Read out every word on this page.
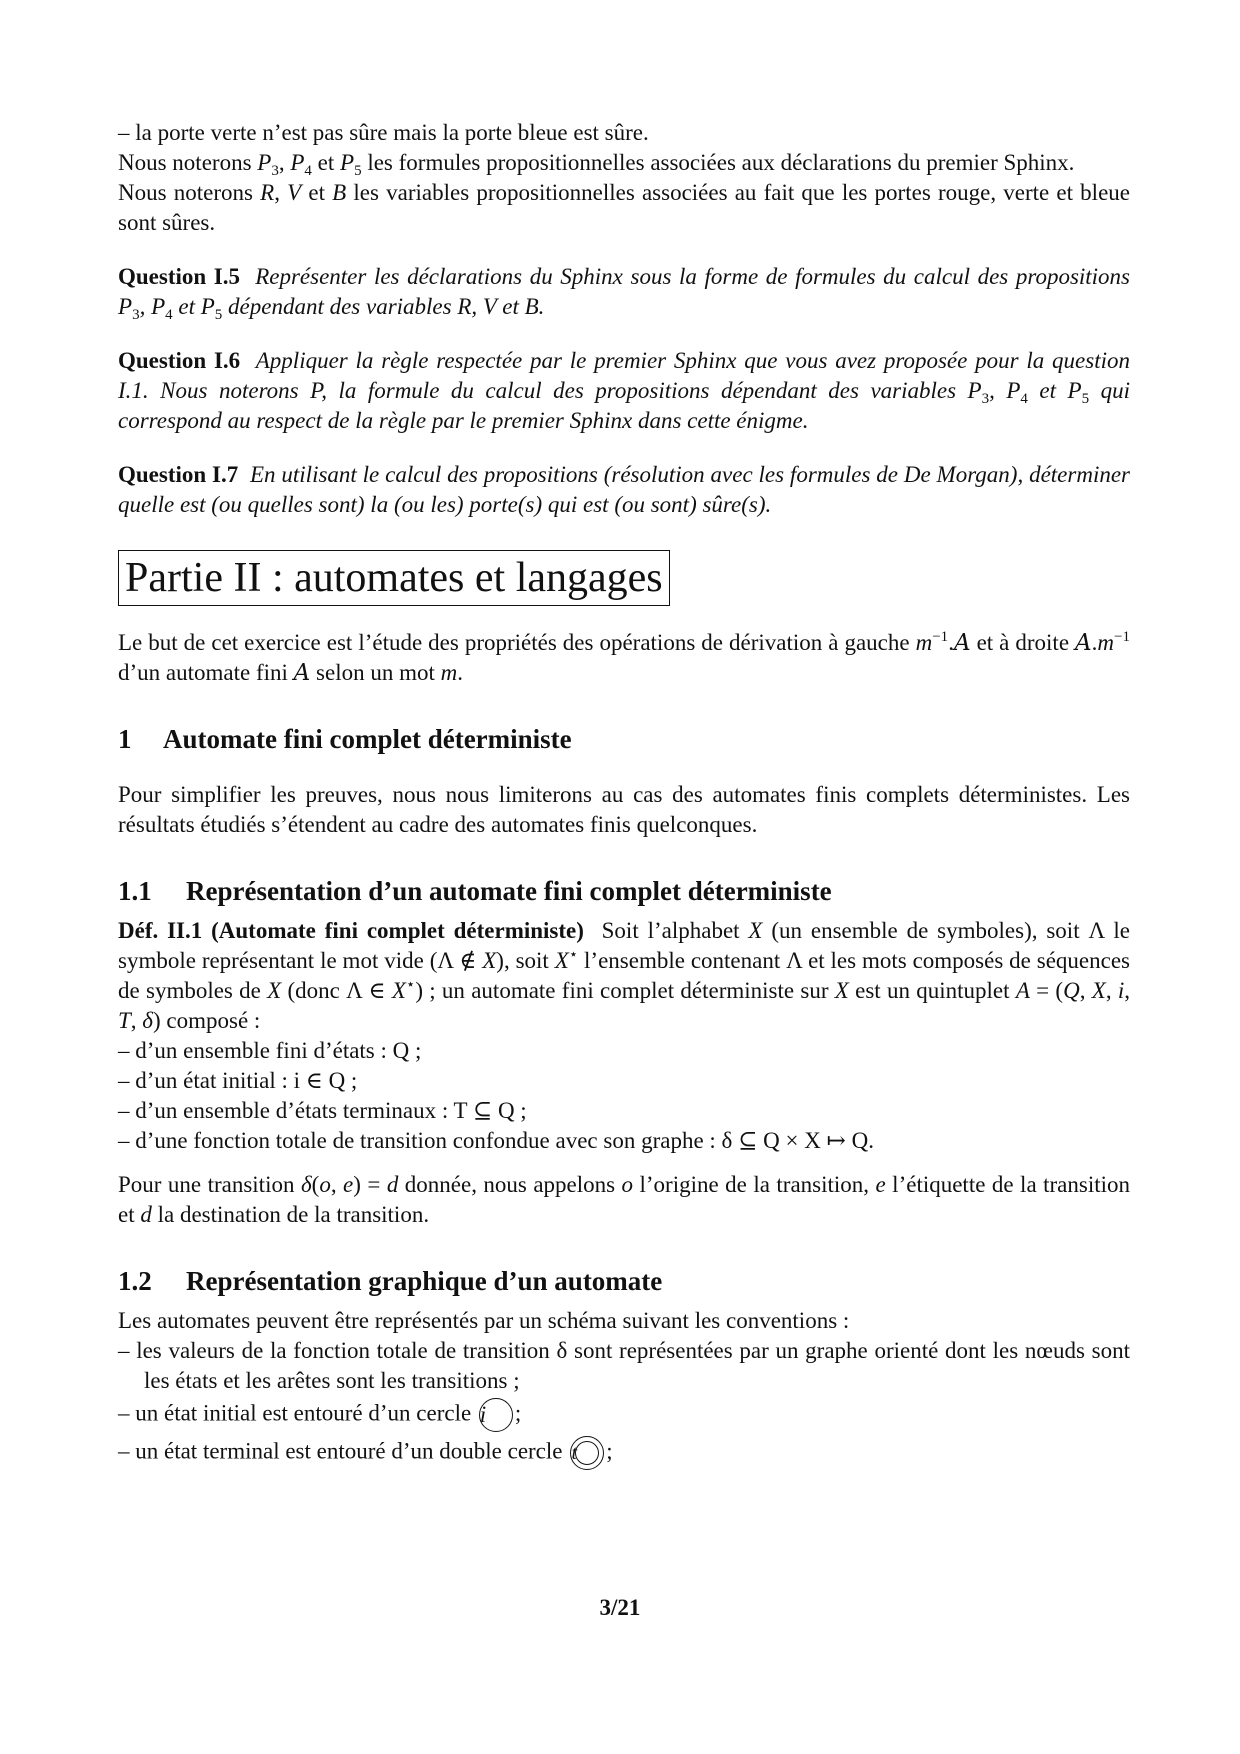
– la porte verte n’est pas sûre mais la porte bleue est sûre.

Nous noterons $P_3$, $P_4$ et $P_5$ les formules propositionnelles associées aux déclarations du premier Sphinx.

Nous noterons R, V et B les variables propositionnelles associées au fait que les portes rouge, verte et bleue sont sûres.

Question I.5 Représenter les déclarations du Sphinx sous la forme de formules du calcul des propositions $P_3$, $P_4$ et $P_5$ dépendant des variables R, V et B.

Question I.6 Appliquer la règle respectée par le premier Sphinx que vous avez proposée pour la question I.1. Nous noterons P, la formule du calcul des propositions dépendant des variables $P_3$, $P_4$ et $P_5$ qui correspond au respect de la règle par le premier Sphinx dans cette énigme.

Question I.7 En utilisant le calcul des propositions (résolution avec les formules de De Morgan), déterminer quelle est (ou quelles sont) la (ou les) porte(s) qui est (ou sont) sûre(s).

Partie II : automates et langages

Le but de cet exercice est l’étude des propriétés des opérations de dérivation à gauche $m^{-1}.A$ et à droite $A.m^{-1}$ d’un automate fini A selon un mot m.

1 Automate fini complet déterministe

Pour simplifier les preuves, nous nous limiterons au cas des automates finis complets déterministes. Les résultats étudiés s’étendent au cadre des automates finis quelconques.

1.1 Représentation d’un automate fini complet déterministe

Déf. II.1 (Automate fini complet déterministe)  Soit l’alphabet X (un ensemble de symboles), soit Λ le symbole représentant le mot vide (Λ ∉ X), soit X⋆ l’ensemble contenant Λ et les mots composés de séquences de symboles de X (donc Λ ∈ X⋆) ; un automate fini complet déterministe sur X est un quintuplet A = (Q, X, i, T, δ) composé :

– d’un ensemble fini d’états : Q ;
– d’un état initial : i ∈ Q ;
– d’un ensemble d’états terminaux : T ⊆ Q ;
– d’une fonction totale de transition confondue avec son graphe : δ ⊆ Q × X ↦ Q.

Pour une transition δ(o, e) = d donnée, nous appelons o l’origine de la transition, e l’étiquette de la transition et d la destination de la transition.

1.2 Représentation graphique d’un automate

Les automates peuvent être représentés par un schéma suivant les conventions :

– les valeurs de la fonction totale de transition δ sont représentées par un graphe orienté dont les nœuds sont les états et les arêtes sont les transitions ;
– un état initial est entouré d’un cercle i ;
– un état terminal est entouré d’un double cercle t	;
3/21
